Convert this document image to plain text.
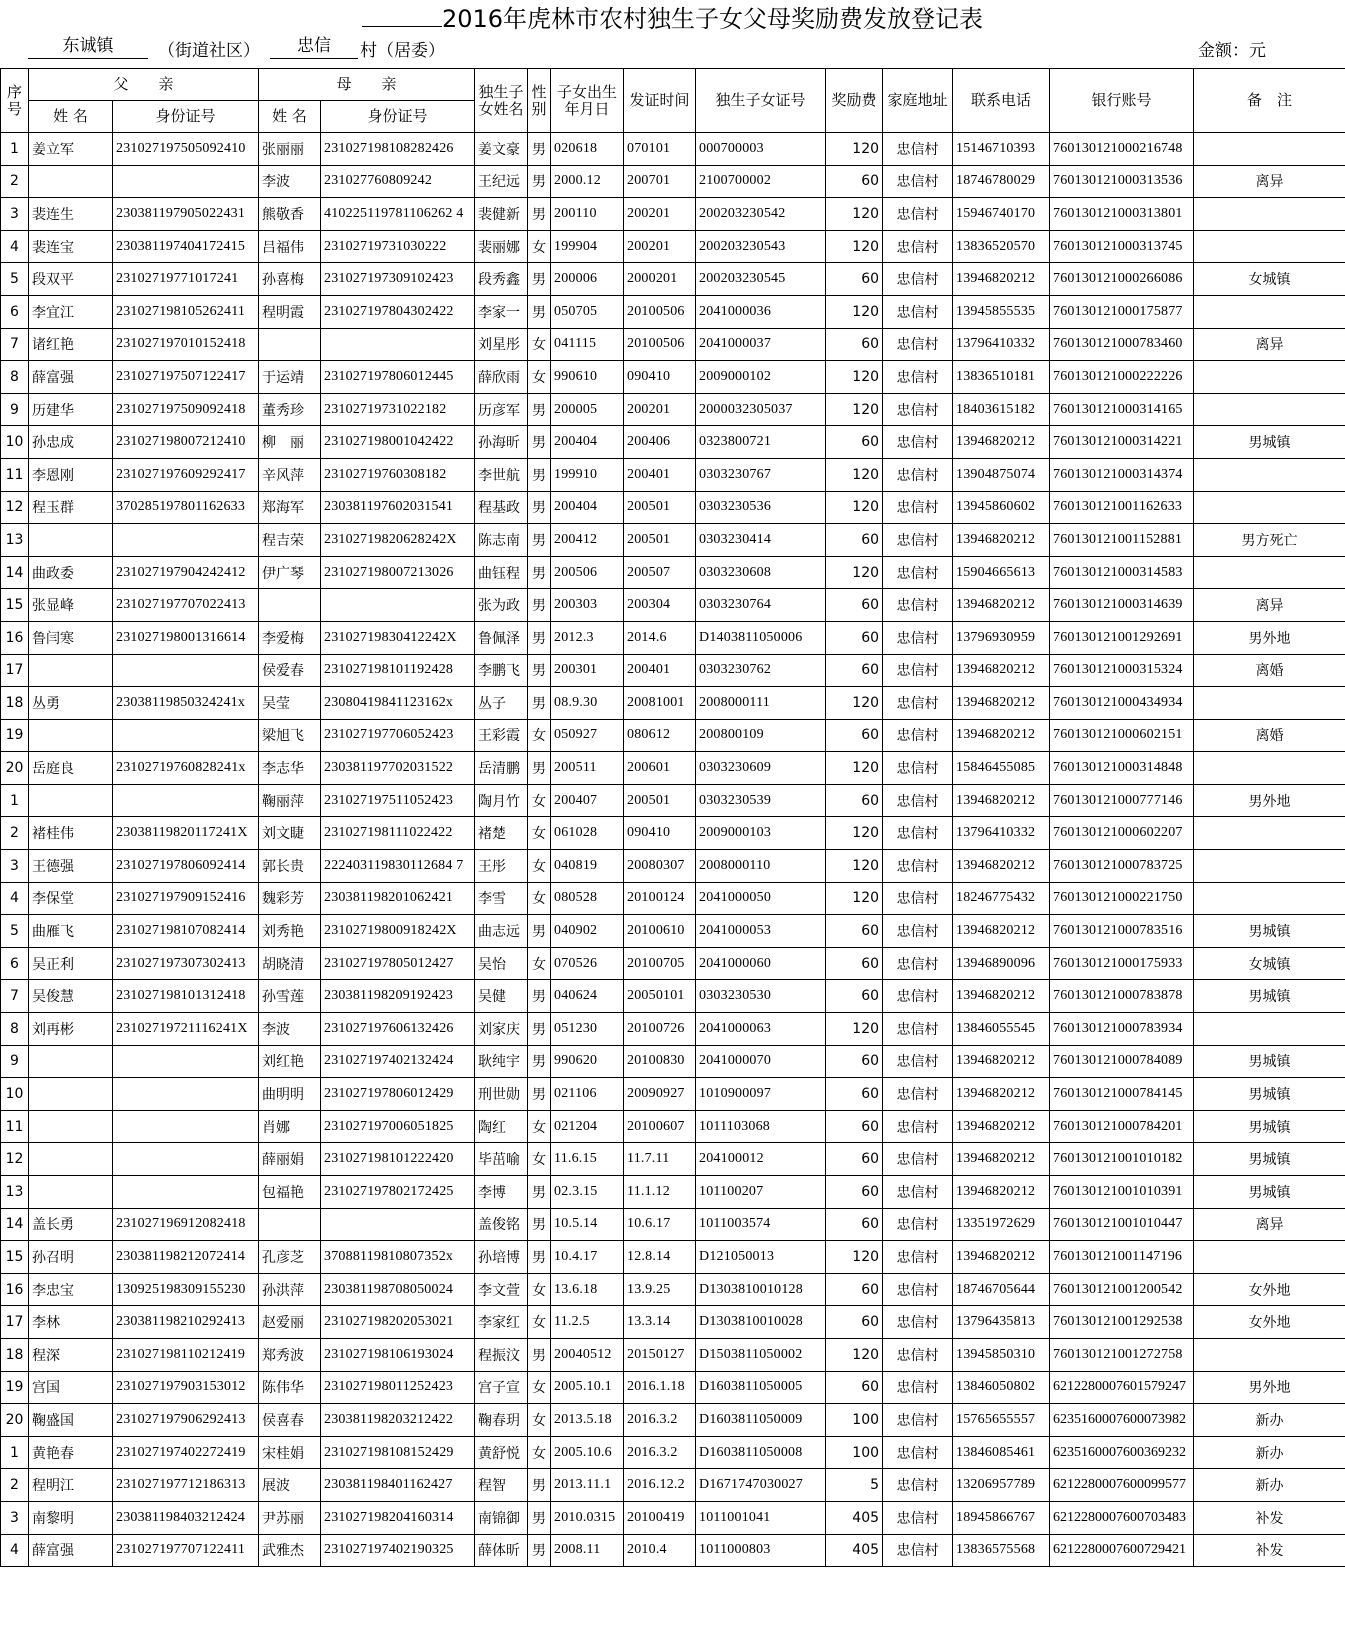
2016年虎林市农村独生子女父母奖励费发放登记表
东诚镇	（街道社区）	忠信	村（居委）	金额：元
序号	父　　亲		母　　亲		独生子女姓名	性别	子女出生年月日	发证时间	独生子女证号	奖励费	家庭地址	联系电话	银行账号	备　注
	姓 名	身份证号	姓 名	身份证号										
1	姜立军	231027197505092410	张丽丽	231027198108282426	姜文豪	男	020618	070101	000700003	120	忠信村	15146710393	760130121000216748	
2			李波	231027760809242	王纪远	男	2000.12	200701	2100700002	60	忠信村	18746780029	760130121000313536	离异
3	裴连生	230381197905022431	熊敬香	410225119781106262 4	裴健新	男	200110	200201	200203230542	120	忠信村	15946740170	760130121000313801	
4	裴连宝	230381197404172415	吕福伟	23102719731030222	裴丽娜	女	199904	200201	200203230543	120	忠信村	13836520570	760130121000313745	
5	段双平	23102719771017241	孙喜梅	231027197309102423	段秀鑫	男	200006	2000201	200203230545	60	忠信村	13946820212	760130121000266086	女城镇
6	李宜江	231027198105262411	程明霞	231027197804302422	李家一	男	050705	20100506	2041000036	120	忠信村	13945855535	760130121000175877	
7	诸红艳	231027197010152418			刘星彤	女	041115	20100506	2041000037	60	忠信村	13796410332	760130121000783460	离异
8	薛富强	231027197507122417	于运靖	231027197806012445	薛欣雨	女	990610	090410	2009000102	120	忠信村	13836510181	760130121000222226	
9	历建华	231027197509092418	董秀珍	23102719731022182	历彦军	男	200005	200201	2000032305037	120	忠信村	18403615182	760130121000314165	
10	孙忠成	231027198007212410	柳　丽	231027198001042422	孙海昕	男	200404	200406	0323800721	60	忠信村	13946820212	760130121000314221	男城镇
11	李恩刚	231027197609292417	辛风萍	23102719760308182	李世航	男	199910	200401	0303230767	120	忠信村	13904875074	760130121000314374	
12	程玉群	370285197801162633	郑海军	230381197602031541	程基政	男	200404	200501	0303230536	120	忠信村	13945860602	760130121001162633	
13			程吉荣	23102719820628242X	陈志南	男	200412	200501	0303230414	60	忠信村	13946820212	760130121001152881	男方死亡
14	曲政委	231027197904242412	伊广琴	231027198007213026	曲钰程	男	200506	200507	0303230608	120	忠信村	15904665613	760130121000314583	
15	张显峰	231027197707022413			张为政	男	200303	200304	0303230764	60	忠信村	13946820212	760130121000314639	离异
16	鲁闫寒	231027198001316614	李爱梅	23102719830412242X	鲁佩泽	男	2012.3	2014.6	D1403811050006	60	忠信村	13796930959	760130121001292691	男外地
17			侯爱春	231027198101192428	李鹏飞	男	200301	200401	0303230762	60	忠信村	13946820212	760130121000315324	离婚
18	丛勇	23038119850324241x	吴莹	23080419841123162x	丛子	男	08.9.30	20081001	2008000111	120	忠信村	13946820212	760130121000434934	
19			梁旭飞	231027197706052423	王彩霞	女	050927	080612	200800109	60	忠信村	13946820212	760130121000602151	离婚
20	岳庭良	23102719760828241x	李志华	230381197702031522	岳清鹏	男	200511	200601	0303230609	120	忠信村	15846455085	760130121000314848	
1			鞠丽萍	231027197511052423	陶月竹	女	200407	200501	0303230539	60	忠信村	13946820212	760130121000777146	男外地
2	褚桂伟	23038119820117241X	刘文睫	231027198111022422	褚楚	女	061028	090410	2009000103	120	忠信村	13796410332	760130121000602207	
3	王德强	231027197806092414	郭长贵	222403119830112684 7	王彤	女	040819	20080307	2008000110	120	忠信村	13946820212	760130121000783725	
4	李保堂	231027197909152416	魏彩芳	230381198201062421	李雪	女	080528	20100124	2041000050	120	忠信村	18246775432	760130121000221750	
5	曲雁飞	231027198107082414	刘秀艳	23102719800918242X	曲志远	男	040902	20100610	2041000053	60	忠信村	13946820212	760130121000783516	男城镇
6	吴正利	231027197307302413	胡晓清	231027197805012427	吴怡	女	070526	20100705	2041000060	60	忠信村	13946890096	760130121000175933	女城镇
7	吴俊慧	231027198101312418	孙雪莲	230381198209192423	吴健	男	040624	20050101	0303230530	60	忠信村	13946820212	760130121000783878	男城镇
8	刘再彬	23102719721116241X	李波	231027197606132426	刘家庆	男	051230	20100726	2041000063	120	忠信村	13846055545	760130121000783934	
9			刘红艳	231027197402132424	耿纯宇	男	990620	20100830	2041000070	60	忠信村	13946820212	760130121000784089	男城镇
10			曲明明	231027197806012429	刑世勋	男	021106	20090927	1010900097	60	忠信村	13946820212	760130121000784145	男城镇
11			肖娜	231027197006051825	陶红	女	021204	20100607	1011103068	60	忠信村	13946820212	760130121000784201	男城镇
12			薛丽娟	231027198101222420	毕茁喻	女	11.6.15	11.7.11	204100012	60	忠信村	13946820212	760130121001010182	男城镇
13			包福艳	231027197802172425	李博	男	02.3.15	11.1.12	101100207	60	忠信村	13946820212	760130121001010391	男城镇
14	盖长勇	231027196912082418			盖俊铭	男	10.5.14	10.6.17	1011003574	60	忠信村	13351972629	760130121001010447	离异
15	孙召明	230381198212072414	孔彦芝	37088119810807352x	孙培博	男	10.4.17	12.8.14	D121050013	120	忠信村	13946820212	760130121001147196	
16	李忠宝	130925198309155230	孙洪萍	230381198708050024	李文萱	女	13.6.18	13.9.25	D1303810010128	60	忠信村	18746705644	760130121001200542	女外地
17	李林	230381198210292413	赵爱丽	231027198202053021	李家红	女	11.2.5	13.3.14	D1303810010028	60	忠信村	13796435813	760130121001292538	女外地
18	程深	231027198110212419	郑秀波	231027198106193024	程振汶	男	20040512	20150127	D1503811050002	120	忠信村	13945850310	760130121001272758	
19	宫国	231027197903153012	陈伟华	231027198011252423	宫子宣	女	2005.10.1	2016.1.18	D1603811050005	60	忠信村	13846050802	6212280007601579247	男外地
20	鞠盛国	231027197906292413	侯喜春	230381198203212422	鞠春玥	女	2013.5.18	2016.3.2	D1603811050009	100	忠信村	15765655557	6235160007600073982	新办
1	黄艳春	231027197402272419	宋桂娟	231027198108152429	黄舒悦	女	2005.10.6	2016.3.2	D1603811050008	100	忠信村	13846085461	6235160007600369232	新办
2	程明江	231027197712186313	展波	230381198401162427	程智	男	2013.11.1	2016.12.2	D1671747030027	5	忠信村	13206957789	6212280007600099577	新办
3	南黎明	230381198403212424	尹苏丽	231027198204160314	南锦御	男	2010.0315	20100419	1011001041	405	忠信村	18945866767	6212280007600703483	补发
4	薛富强	231027197707122411	武雅杰	231027197402190325	薛体昕	男	2008.11	2010.4	1011000803	405	忠信村	13836575568	6212280007600729421	补发
